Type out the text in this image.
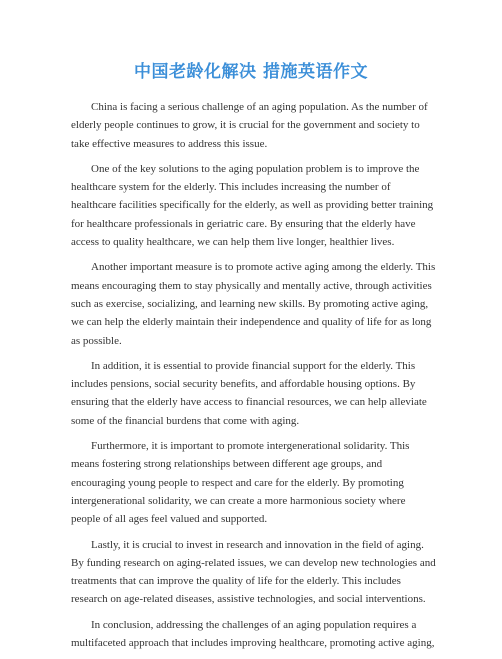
中国老龄化解决 措施英语作文

China is facing a serious challenge of an aging population. As the number of elderly people continues to grow, it is crucial for the government and society to take effective measures to address this issue.

One of the key solutions to the aging population problem is to improve the healthcare system for the elderly. This includes increasing the number of healthcare facilities specifically for the elderly, as well as providing better training for healthcare professionals in geriatric care. By ensuring that the elderly have access to quality healthcare, we can help them live longer, healthier lives.

Another important measure is to promote active aging among the elderly. This means encouraging them to stay physically and mentally active, through activities such as exercise, socializing, and learning new skills. By promoting active aging, we can help the elderly maintain their independence and quality of life for as long as possible.

In addition, it is essential to provide financial support for the elderly. This includes pensions, social security benefits, and affordable housing options. By ensuring that the elderly have access to financial resources, we can help alleviate some of the financial burdens that come with aging.

Furthermore, it is important to promote intergenerational solidarity. This means fostering strong relationships between different age groups, and encouraging young people to respect and care for the elderly. By promoting intergenerational solidarity, we can create a more harmonious society where people of all ages feel valued and supported.

Lastly, it is crucial to invest in research and innovation in the field of aging. By funding research on aging-related issues, we can develop new technologies and treatments that can improve the quality of life for the elderly. This includes research on age-related diseases, assistive technologies, and social interventions.

In conclusion, addressing the challenges of an aging population requires a multifaceted approach that includes improving healthcare, promoting active aging,
